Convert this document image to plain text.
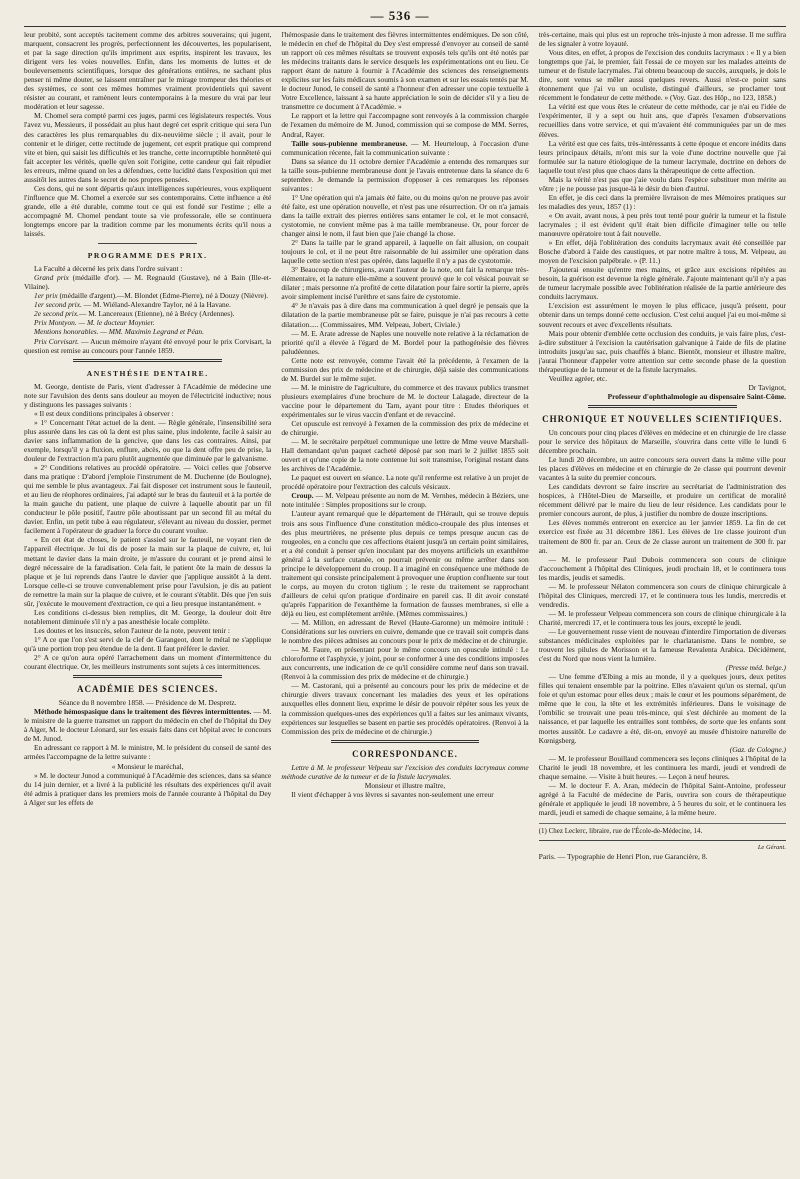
— 536 —

leur probité, sont acceptés tacitement comme des arbitres souverains; qui jugent, marquent, consacrent les progrès, perfectionnent les découvertes, les popularisent, et par la sage direction qu'ils impriment aux esprits, inspirent les travaux, les dirigent vers les voies nouvelles. Enfin, dans les moments de luttes et de bouleversements scientifiques, lorsque des générations entières, ne sachant plus penser ni même douter, se laissent entraîner par le mirage trompeur des théories et des systèmes, ce sont ces mêmes hommes vraiment providentiels qui savent résister au courant, et ramènent leurs contemporains à la mesure du vrai par leur modération et leur sagesse.

M. Chomel sera compté parmi ces juges, parmi ces législateurs respectés. Vous l'avez vu, Messieurs, il possédait au plus haut degré cet esprit critique qui sera l'un des caractères les plus remarquables du dix-neuvième siècle ; il avait, pour le contenir et le diriger, cette rectitude de jugement, cet esprit pratique qui comprend vite et bien, qui saisit les difficultés et les tranche, cette incorruptible honnêteté qui fait accepter les vérités, quelle qu'en soit l'origine, cette candeur qui fait répudier les erreurs, même quand on les a défendues, cette lucidité dans l'exposition qui met aussitôt les autres dans le secret de nos propres pensées.

Ces dons, qui ne sont départis qu'aux intelligences supérieures, vous expliquent l'influence que M. Chomel a exercée sur ses contemporains. Cette influence a été grande, elle a été durable, comme tout ce qui est fondé sur l'estime ; elle a accompagné M. Chomel pendant toute sa vie professorale, elle se continuera longtemps encore par la tradition comme par les monuments écrits qu'il nous a laissés.

PROGRAMME DES PRIX.

La Faculté a décerné les prix dans l'ordre suivant :

Grand prix (médaille d'or). — M. Regnauld (Gustave), né à Bain (Ille-et-Vilaine).

1er prix (médaille d'argent).—M. Blondet (Edme-Pierre), né à Douzy (Nièvre).

1er second prix. — M. Wiéland-Alexandre Taylor, né à la Havane.

2e second prix.— M. Lancereaux (Etienne), né à Brécy (Ardennes).

Prix Montyon. — M. le docteur Moynier.

Mentions honorables. — MM. Maximin Legrand et Péan.

Prix Corvisart. — Aucun mémoire n'ayant été envoyé pour le prix Corvisart, la question est remise au concours pour l'année 1859.

ANESTHÉSIE DENTAIRE.

M. George, dentiste de Paris, vient d'adresser à l'Académie de médecine une note sur l'avulsion des dents sans douleur au moyen de l'électricité inductive; nous y distinguons les passages suivants :

« Il est deux conditions principales à observer :

» 1° Concernant l'état actuel de la dent. — Règle générale, l'insensibilité sera plus assurée dans les cas où la dent est plus saine, plus indolente, facile à saisir au davier sans inflammation de la gencive, que dans les cas contraires. Ainsi, par exemple, lorsqu'il y a fluxion, enflure, abcès, ou que la dent offre peu de prise, la douleur de l'extraction m'a paru plutôt augmentée que diminuée par le galvanisme.

» 2° Conditions relatives au procédé opératoire. — Voici celles que j'observe dans ma pratique : D'abord j'emploie l'instrument de M. Duchenne (de Boulogne), qui me semble le plus avantageux. J'ai fait disposer cet instrument sous le fauteuil, et au lieu de réophores ordinaires, j'ai adapté sur le bras du fauteuil et à la portée de la main gauche du patient, une plaque de cuivre à laquelle aboutit par un fil conducteur le pôle positif, l'autre pôle aboutissant par un second fil au métal du davier. Enfin, un petit tube à eau régulateur, s'élevant au niveau du dossier, permet facilement à l'opérateur de graduer la force du courant voulue.

« En cet état de choses, le patient s'assied sur le fauteuil, ne voyant rien de l'appareil électrique. Je lui dis de poser la main sur la plaque de cuivre, et, lui mettant le davier dans la main droite, je m'assure du courant et je prend ainsi le degré nécessaire de la faradisation. Cela fait, le patient ôte la main de dessus la plaque et je lui reprends dans l'autre le davier que j'applique aussitôt à la dent. Lorsque celle-ci se trouve convenablement prise pour l'avulsion, je dis au patient de remettre la main sur la plaque de cuivre, et le courant s'établit. Dès que j'en suis sûr, j'exécute le mouvement d'extraction, ce qui a lieu presque instantanément. »

Les conditions ci-dessus bien remplies, dit M. George, la douleur doit être notablement diminuée s'il n'y a pas anesthésie locale complète.

Les doutes et les insuccès, selon l'auteur de la note, peuvent tenir :

1° A ce que l'on s'est servi de la clef de Garangeot, dont le métal ne s'applique qu'à une portion trop peu étendue de la dent. Il faut préférer le davier.

2° A ce qu'on aura opéré l'arrachement dans un moment d'intermittence du courant électrique. Or, les meilleurs instruments sont sujets à ces intermittences.

ACADÉMIE DES SCIENCES.

Séance du 8 novembre 1858. — Présidence de M. Despretz.

Méthode hémospasique dans le traitement des fièvres intermittentes. — M. le ministre de la guerre transmet un rapport du médecin en chef de l'hôpital du Dey à Alger, M. le docteur Léonard, sur les essais faits dans cet hôpital avec le concours de M. Junod.

En adressant ce rapport à M. le ministre, M. le président du conseil de santé des armées l'accompagne de la lettre suivante :

« Monsieur le maréchal,

» M. le docteur Junod a communiqué à l'Académie des sciences, dans sa séance du 14 juin dernier, et a livré à la publicité les résultats des expériences qu'il avait été admis à pratiquer dans les premiers mois de l'année courante à l'hôpital du Dey à Alger sur les effets de

l'hémospasie dans le traitement des fièvres intermittentes endémiques. De son côté, le médecin en chef de l'hôpital du Dey s'est empressé d'envoyer au conseil de santé un rapport où ces mêmes résultats se trouvent exposés tels qu'ils ont été notés par les médecins traitants dans le service desquels les expérimentations ont eu lieu. Ce rapport étant de nature à fournir à l'Académie des sciences des renseignements explicites sur les faits médicaux soumis à son examen et sur les essais tentés par M. le docteur Junod, le conseil de santé a l'honneur d'en adresser une copie textuelle à Votre Excellence, laissant à sa haute appréciation le soin de décider s'il y a lieu de transmettre ce document à l'Académie. »

Le rapport et la lettre qui l'accompagne sont renvoyés à la commission chargée de l'examen du mémoire de M. Junod, commission qui se compose de MM. Serres, Andral, Rayer.

Taille sous-pubienne membraneuse. — M. Heurteloup, à l'occasion d'une communication récente, fait la communication suivante :

Dans sa séance du 11 octobre dernier l'Académie a entendu des remarques sur la taille sous-pubienne membraneuse dont je l'avais entretenue dans la séance du 6 septembre. Je demande la permission d'opposer à ces remarques les réponses suivantes :

1° Une opération qui n'a jamais été faite, ou du moins qu'on ne prouve pas avoir été faite, est une opération nouvelle, et n'est pas une résurrection. Or on n'a jamais dans la taille extrait des pierres entières sans entamer le col, et le mot consacré, cystotomie, ne convient même pas à ma taille membraneuse. Or, pour forcer de changer ainsi le nom, il faut bien que j'aie changé la chose.

2° Dans la taille par le grand appareil, à laquelle on fait allusion, on coupait toujours le col, et il ne peut être raisonnable de lui assimiler une opération dans laquelle cette section n'est pas opérée, dans laquelle il n'y a pas de cystotomie.

3° Beaucoup de chirurgiens, avant l'auteur de la note, ont fait la remarque très-élémentaire, et la nature elle-même a souvent prouvé que le col vésical pouvait se dilater ; mais personne n'a profité de cette dilatation pour faire sortir la pierre, après avoir simplement incisé l'urèthre et sans faire de cystotomie.

4° Je n'avais pas à dire dans ma communication à quel degré je pensais que la dilatation de la partie membraneuse pût se faire, puisque je n'ai pas recours à cette dilatation..... (Commissaires, MM. Velpeau, Jobert, Civiale.)

— M. E. Arate adresse de Naples une nouvelle note relative à la réclamation de priorité qu'il a élevée à l'égard de M. Bordel pour la pathogénésie des fièvres paludéennes.

Cette note est renvoyée, comme l'avait été la précédente, à l'examen de la commission des prix de médecine et de chirurgie, déjà saisie des communications de M. Burdel sur le même sujet.

— M. le ministre de l'agriculture, du commerce et des travaux publics transmet plusieurs exemplaires d'une brochure de M. le docteur Lalagade, directeur de la vaccine pour le département du Tarn, ayant pour titre : Etudes théoriques et expérimentales sur le virus vaccin d'enfant et de revacciné.

Cet opuscule est renvoyé à l'examen de la commission des prix de médecine et de chirurgie.

— M. le secrétaire perpétuel communique une lettre de Mme veuve Marshall-Hall demandant qu'un paquet cacheté déposé par son mari le 2 juillet 1855 soit ouvert et qu'une copie de la note contenue lui soit transmise, l'original restant dans les archives de l'Académie.

Le paquet est ouvert en séance. La note qu'il renferme est relative à un projet de procédé opératoire pour l'extraction des calculs vésicaux.

Croup. — M. Velpeau présente au nom de M. Vernhes, médecin à Béziers, une note intitulée : Simples propositions sur le croup.

L'auteur ayant remarqué que le département de l'Hérault, qui se trouve depuis trois ans sous l'influence d'une constitution médico-croupale des plus intenses et des plus meurtrières, ne présente plus depuis ce temps presque aucun cas de rougeoles, en a conclu que ces affections étaient jusqu'à un certain point similaires, et a été conduit à penser qu'en inoculant par des moyens artificiels un exanthème général à la surface cutanée, on pourrait prévenir ou même arrêter dans son principe le développement du croup. Il a imaginé en conséquence une méthode de traitement qui consiste principalement à provoquer une éruption confluente sur tout le corps, au moyen du croton tiglium ; le reste du traitement se rapprochant d'ailleurs de celui qu'on pratique d'ordinaire en pareil cas. Il dit avoir constaté qu'après l'apparition de l'exanthème la formation de fausses membranes, si elle a déjà eu lieu, est complètement arrêtée. (Mêmes commissaires.)

— M. Millon, en adressant de Revel (Haute-Garonne) un mémoire intitulé : Considérations sur les ouvriers en cuivre, demande que ce travail soit compris dans le nombre des pièces admises au concours pour le prix de médecine et de chirurgie.

— M. Faure, en présentant pour le même concours un opuscule intitulé : Le chloroforme et l'asphyxie, y joint, pour se conformer à une des conditions imposées aux concurrents, une indication de ce qu'il considère comme neuf dans son travail. (Renvoi à la commission des prix de médecine et de chirurgie.)

— M. Castorani, qui a présenté au concours pour les prix de médecine et de chirurgie divers travaux concernant les maladies des yeux et les opérations auxquelles elles donnent lieu, exprime le désir de pouvoir répéter sous les yeux de la commission quelques-unes des expériences qu'il a faites sur les animaux vivants, expériences sur lesquelles se basent en partie ses procédés opératoires. (Renvoi à la Commission des prix de médecine et de chirurgie.)

CORRESPONDANCE.

Lettre à M. le professeur Velpeau sur l'excision des conduits lacrymaux comme méthode curative de la tumeur et de la fistule lacrymales.

Monsieur et illustre maître,

Il vient d'échapper à vos lèvres si savantes non-seulement une erreur

très-certaine, mais qui plus est un reproche très-injuste à mon adresse. Il me suffira de les signaler à votre loyauté.

Vous dites, en effet, à propos de l'excision des conduits lacrymaux : « Il y a bien longtemps que j'ai, le premier, fait l'essai de ce moyen sur les malades atteints de tumeur et de fistule lacrymales. J'ai obtenu beaucoup de succès, auxquels, je dois le dire, sont venus se mêler aussi quelques revers. Aussi n'est-ce point sans étonnement que j'ai vu un oculiste, distingué d'ailleurs, se proclamer tout récemment le fondateur de cette méthode. » (Voy. Gaz. des Hôp., no 123, 1858.)

La vérité est que vous êtes le créateur de cette méthode, car je n'ai eu l'idée de l'expérimenter, il y a sept ou huit ans, que d'après l'examen d'observations recueillies dans votre service, et qui m'avaient été communiquées par un de mes élèves.

La vérité est que ces faits, très-intéressants à cette époque et encore inédits dans leurs principaux détails, m'ont mis sur la voie d'une doctrine nouvelle que j'ai formulée sur la nature étiologique de la tumeur lacrymale, doctrine en dehors de laquelle tout n'est plus que chaos dans la thérapeutique de cette affection.

Mais la vérité n'est pas que j'aie voulu dans l'espèce substituer mon mérite au vôtre ; je ne pousse pas jusque-là le désir du bien d'autrui.

En effet, je dis ceci dans la première livraison de mes Mémoires pratiques sur les maladies des yeux, 1857 (1) :

« On avait, avant nous, à peu près tout tenté pour guérir la tumeur et la fistule lacrymales ; il est évident qu'il était bien difficile d'imaginer telle ou telle manœuvre opératoire tout à fait nouvelle.

» En effet, déjà l'oblitération des conduits lacrymaux avait été conseillée par Bosche d'abord à l'aide des caustiques, et par notre maître à tous, M. Velpeau, au moyen de l'excision palpébrale. » (P. 11.)

J'ajouterai ensuite qu'entre mes mains, et grâce aux excisions répétées au besoin, la guérison est devenue la règle générale. J'ajoute maintenant qu'il n'y a pas de tumeur lacrymale possible avec l'oblitération réalisée de la partie antérieure des conduits lacrymaux.

L'excision est assurément le moyen le plus efficace, jusqu'à présent, pour obtenir dans un temps donné cette occlusion. C'est celui auquel j'ai eu moi-même si souvent recours et avec d'excellents résultats.

Mais pour obtenir d'emblée cette occlusion des conduits, je vais faire plus, c'est-à-dire substituer à l'excision la cautérisation galvanique à l'aide de fils de platine introduits jusqu'au sac, puis chauffés à blanc. Bientôt, monsieur et illustre maître, j'aurai l'honneur d'appeler votre attention sur cette seconde phase de la question thérapeutique de la tumeur et de la fistule lacrymales.

Veuillez agréer, etc.

Dr Tavignot,

Professeur d'ophthalmologie au dispensaire Saint-Côme.

CHRONIQUE ET NOUVELLES SCIENTIFIQUES.

Un concours pour cinq places d'élèves en médecine et en chirurgie de 1re classe pour le service des hôpitaux de Marseille, s'ouvrira dans cette ville le lundi 6 décembre prochain.

Le lundi 20 décembre, un autre concours sera ouvert dans la même ville pour les places d'élèves en médecine et en chirurgie de 2e classe qui pourront devenir vacantes à la suite du premier concours.

Les candidats devront se faire inscrire au secrétariat de l'administration des hospices, à l'Hôtel-Dieu de Marseille, et produire un certificat de moralité récemment délivré par le maire du lieu de leur résidence. Les candidats pour le premier concours auront, de plus, à justifier du nombre de douze inscriptions.

Les élèves nommés entreront en exercice au 1er janvier 1859. La fin de cet exercice est fixée au 31 décembre 1861. Les élèves de 1re classe jouiront d'un traitement de 800 fr. par an. Ceux de 2e classe auront un traitement de 300 fr. par an.

— M. le professeur Paul Dubois commencera son cours de clinique d'accouchement à l'hôpital des Cliniques, jeudi prochain 18, et le continuera tous les mardis, jeudis et samedis.

— M. le professeur Nélaton commencera son cours de clinique chirurgicale à l'hôpital des Cliniques, mercredi 17, et le continuera tous les lundis, mercredis et vendredis.

— M. le professeur Velpeau commencera son cours de clinique chirurgicale à la Charité, mercredi 17, et le continuera tous les jours, excepté le jeudi.

— Le gouvernement russe vient de nouveau d'interdire l'importation de diverses substances médicinales exploitées par le charlatanisme. Dans le nombre, se trouvent les pilules de Morisson et la fameuse Revalenta Arabica. Décidément, c'est du Nord que nous vient la lumière.

(Presse méd. belge.)

— Une femme d'Elbing a mis au monde, il y a quelques jours, deux petites filles qui tenaient ensemble par la poitrine. Elles n'avaient qu'un os sternal, qu'un foie et qu'un estomac pour elles deux ; mais le cœur et les poumons séparément, de même que le cou, la tête et les extrémités inférieures. Dans le voisinage de l'ombilic se trouvait une peau très-mince, qui s'est déchirée au moment de la naissance, et par laquelle les entrailles sont tombées, de sorte que les enfants sont mortes aussitôt. Le cadavre a été, dit-on, envoyé au musée d'histoire naturelle de Kœnigsberg.

(Gaz. de Cologne.)

— M. le professeur Bouillaud commencera ses leçons cliniques à l'hôpital de la Charité le jeudi 18 novembre, et les continuera les mardi, jeudi et vendredi de chaque semaine. — Visite à huit heures. — Leçon à neuf heures.

— M. le docteur F. A. Aran, médecin de l'hôpital Saint-Antoine, professeur agrégé à la Faculté de médecine de Paris, ouvrira son cours de thérapeutique générale et appliquée le jeudi 18 novembre, à 5 heures du soir, et le continuera les mardi, jeudi et samedi de chaque semaine, à la même heure.

(1) Chez Leclerc, libraire, rue de l'École-de-Médecine, 14.
Le Gérant.
Paris. — Typographie de Henri Plon, rue Garancière, 8.
